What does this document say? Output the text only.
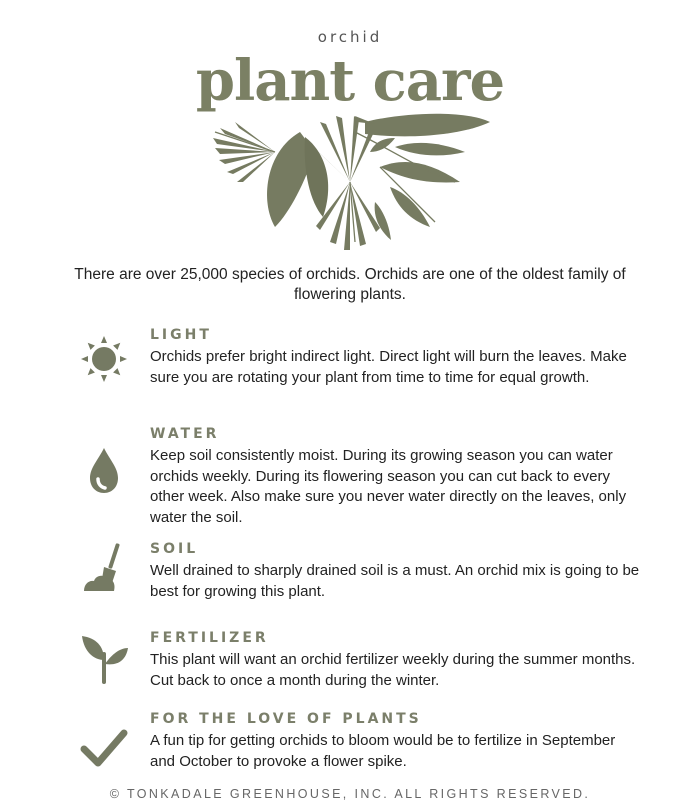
orchid
plant care
There are over 25,000 species of orchids. Orchids are one of the oldest family of flowering plants.
LIGHT

Orchids prefer bright indirect light. Direct light will burn the leaves. Make sure you are rotating your plant from time to time for equal growth.

WATER

Keep soil consistently moist. During its growing season you can water orchids weekly. During its flowering season you can cut back to every other week. Also make sure you never water directly on the leaves, only water the soil.

SOIL

Well drained to sharply drained soil is a must. An orchid mix is going to be best for growing this plant.

FERTILIZER

This plant will want an orchid fertilizer weekly during the summer months. Cut back to once a month during the winter.

FOR THE LOVE OF PLANTS

A fun tip for getting orchids to bloom would be to fertilize in September and October to provoke a flower spike.

© TONKADALE GREENHOUSE, INC. ALL RIGHTS RESERVED.
